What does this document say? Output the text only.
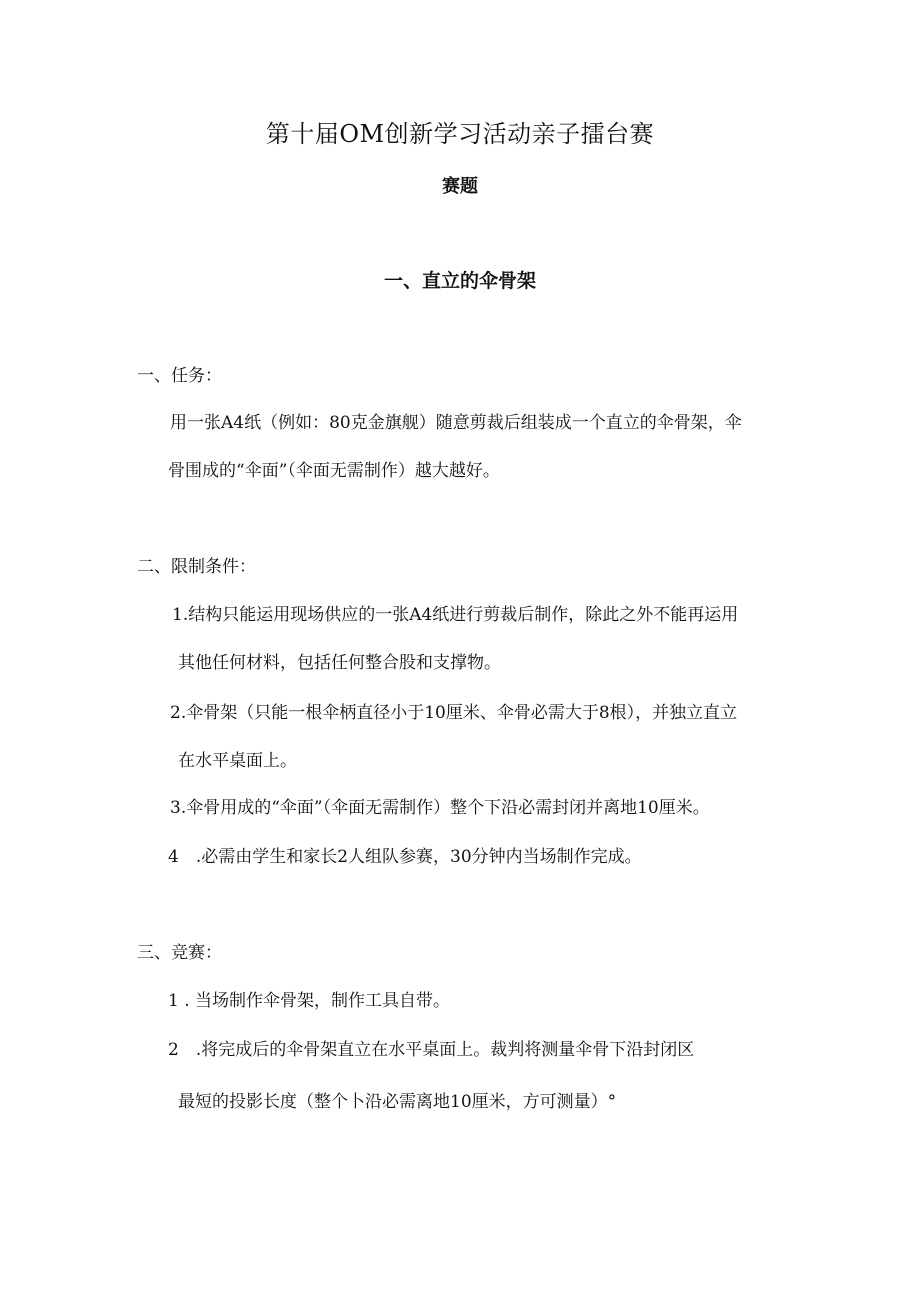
第十届OM创新学习活动亲子擂台赛
赛题
一、直立的伞骨架
一、任务：
用一张A4纸（例如：80克金旗舰）随意剪裁后组装成一个直立的伞骨架，伞
骨围成的“伞面”（伞面无需制作）越大越好。
二、限制条件：
1.结构只能运用现场供应的一张A4纸进行剪裁后制作，除此之外不能再运用
其他任何材料，包括任何整合股和支撑物。
2.伞骨架（只能一根伞柄直径小于10厘米、伞骨必需大于8根），并独立直立
在水平桌面上。
3.伞骨用成的“伞面”（伞面无需制作）整个下沿必需封闭并离地10厘米。
4　.必需由学生和家长2人组队参赛，30分钟内当场制作完成。
三、竞赛：
1 . 当场制作伞骨架，制作工具自带。
2　.将完成后的伞骨架直立在水平桌面上。裁判将测量伞骨下沿封闭区
最短的投影长度（整个卜沿必需离地10厘米，方可测量）°
